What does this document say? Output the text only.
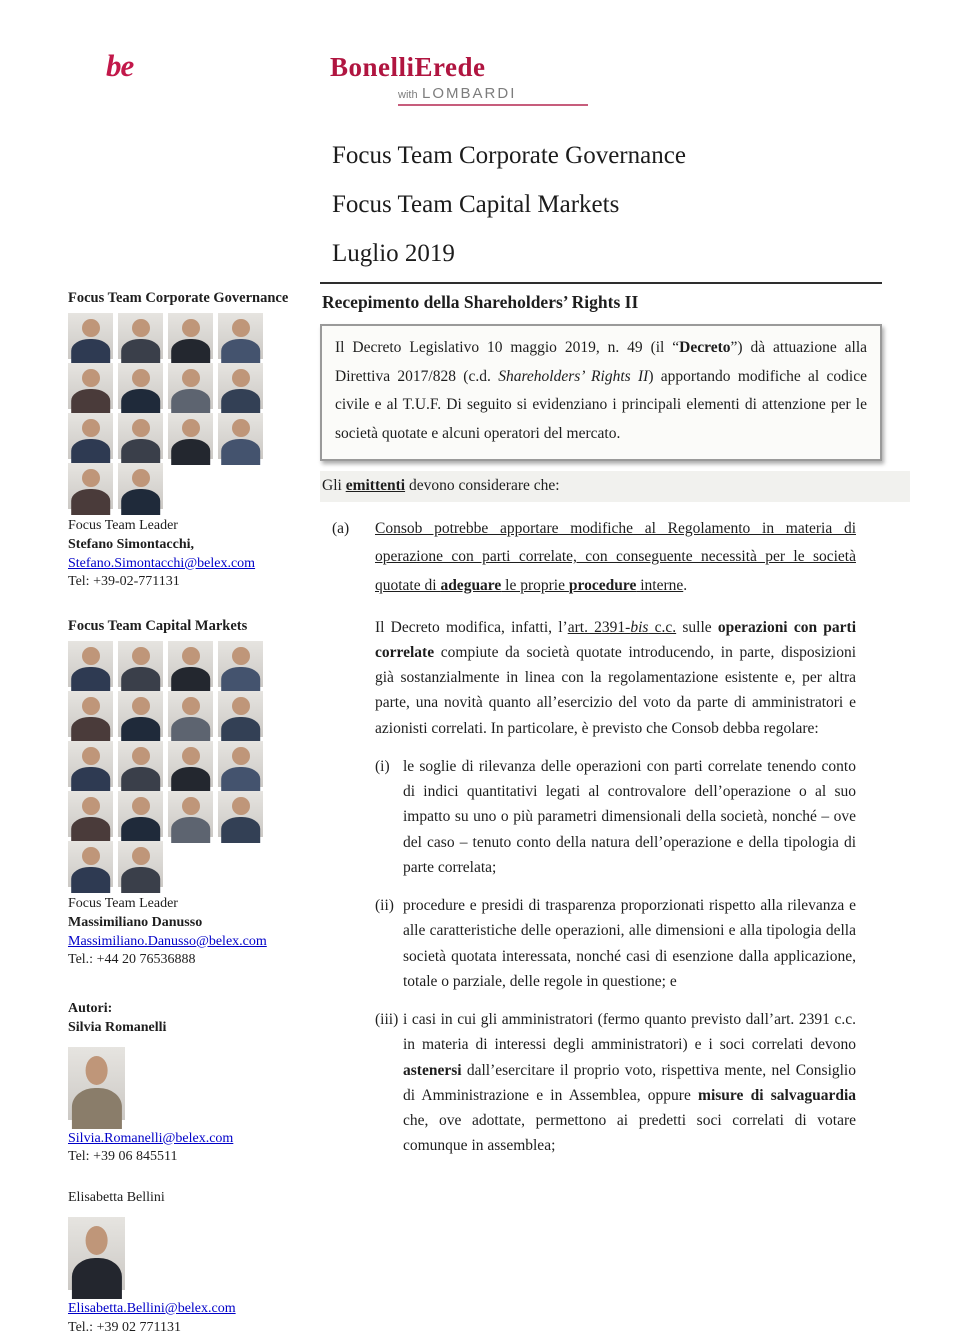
be	BonelliErede
with LOMBARDI
Focus Team Corporate Governance
Focus Team Capital Markets
Luglio 2019
Focus Team Corporate Governance
Focus Team Leader
Stefano Simontacchi,
Stefano.Simontacchi@belex.com
Tel: +39-02-771131
Focus Team Capital Markets
Focus Team Leader
Massimiliano Danusso
Massimiliano.Danusso@belex.com
Tel.: +44 20 76536888
Autori:
Silvia Romanelli
Silvia.Romanelli@belex.com
Tel: +39 06 845511
Elisabetta Bellini
Elisabetta.Bellini@belex.com
Tel.: +39 02 771131
Recepimento della Shareholders’ Rights II
Il Decreto Legislativo 10 maggio 2019, n. 49 (il “Decreto”) dà attuazione alla Direttiva 2017/828 (c.d. Shareholders’ Rights II) apportando modifiche al codice civile e al T.U.F. Di seguito si evidenziano i principali elementi di attenzione per le società quotate e alcuni operatori del mercato.
Gli emittenti devono considerare che:
(a)	Consob potrebbe apportare modifiche al Regolamento in materia di operazione con parti correlate, con conseguente necessità per le società quotate di adeguare le proprie procedure interne.
Il Decreto modifica, infatti, l’art. 2391-bis c.c. sulle operazioni con parti correlate compiute da società quotate introducendo, in parte, disposizioni già sostanzialmente in linea con la regolamentazione esistente e, per altra parte, una novità quanto all’esercizio del voto da parte di amministratori e azionisti correlati. In particolare, è previsto che Consob debba regolare:
(i) le soglie di rilevanza delle operazioni con parti correlate tenendo conto di indici quantitativi legati al controvalore dell’operazione o al suo impatto su uno o più parametri dimensionali della società, nonché – ove del caso – tenuto conto della natura dell’operazione e della tipologia di parte correlata;
(ii) procedure e presidi di trasparenza proporzionati rispetto alla rilevanza e alle caratteristiche delle operazioni, alle dimensioni e alla tipologia della società quotata interessata, nonché casi di esenzione dalla applicazione, totale o parziale, delle regole in questione; e
(iii) i casi in cui gli amministratori (fermo quanto previsto dall’art. 2391 c.c. in materia di interessi degli amministratori) e i soci correlati devono astenersi dall’esercitare il proprio voto, rispettiva mente, nel Consiglio di Amministrazione e in Assemblea, oppure misure di salvaguardia che, ove adottate, permettono ai predetti soci correlati di votare comunque in assemblea;
